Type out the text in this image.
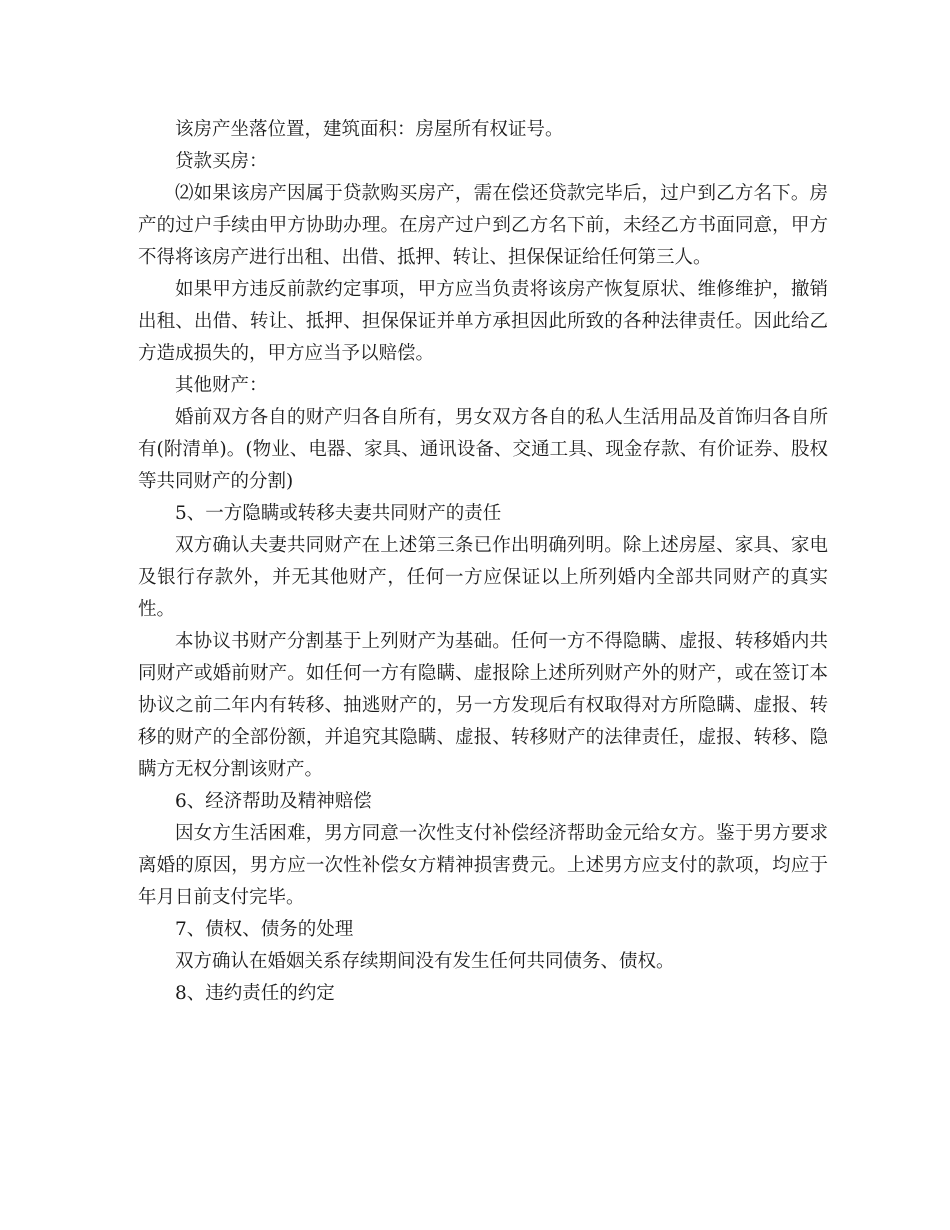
该房产坐落位置，建筑面积：房屋所有权证号。

贷款买房：

⑵如果该房产因属于贷款购买房产，需在偿还贷款完毕后，过户到乙方名下。房产的过户手续由甲方协助办理。在房产过户到乙方名下前，未经乙方书面同意，甲方不得将该房产进行出租、出借、抵押、转让、担保保证给任何第三人。

如果甲方违反前款约定事项，甲方应当负责将该房产恢复原状、维修维护，撤销出租、出借、转让、抵押、担保保证并单方承担因此所致的各种法律责任。因此给乙方造成损失的，甲方应当予以赔偿。

其他财产：

婚前双方各自的财产归各自所有，男女双方各自的私人生活用品及首饰归各自所有(附清单)。(物业、电器、家具、通讯设备、交通工具、现金存款、有价证券、股权等共同财产的分割)

5、一方隐瞒或转移夫妻共同财产的责任

双方确认夫妻共同财产在上述第三条已作出明确列明。除上述房屋、家具、家电及银行存款外，并无其他财产，任何一方应保证以上所列婚内全部共同财产的真实性。

本协议书财产分割基于上列财产为基础。任何一方不得隐瞒、虚报、转移婚内共同财产或婚前财产。如任何一方有隐瞒、虚报除上述所列财产外的财产，或在签订本协议之前二年内有转移、抽逃财产的，另一方发现后有权取得对方所隐瞒、虚报、转移的财产的全部份额，并追究其隐瞒、虚报、转移财产的法律责任，虚报、转移、隐瞒方无权分割该财产。

6、经济帮助及精神赔偿

因女方生活困难，男方同意一次性支付补偿经济帮助金元给女方。鉴于男方要求离婚的原因，男方应一次性补偿女方精神损害费元。上述男方应支付的款项，均应于年月日前支付完毕。

7、债权、债务的处理

双方确认在婚姻关系存续期间没有发生任何共同债务、债权。

8、违约责任的约定
